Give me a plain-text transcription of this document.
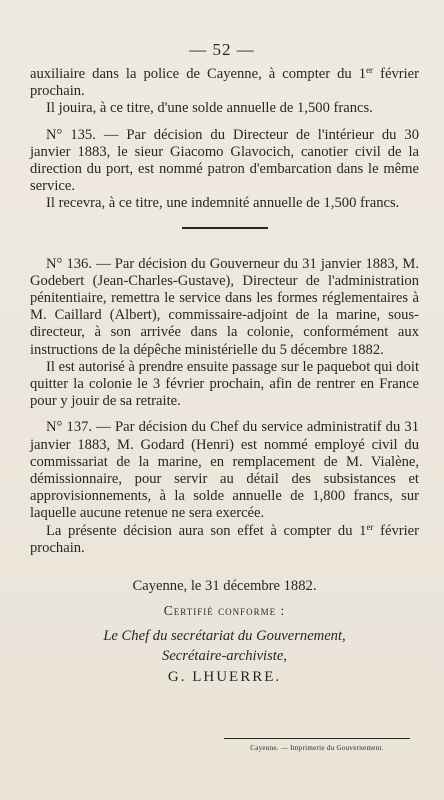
— 52 —

auxiliaire dans la police de Cayenne, à compter du 1er février prochain.

Il jouira, à ce titre, d'une solde annuelle de 1,500 francs.

N° 135. — Par décision du Directeur de l'intérieur du 30 janvier 1883, le sieur Giacomo Glavocich, canotier civil de la direction du port, est nommé patron d'embarcation dans le même service.

Il recevra, à ce titre, une indemnité annuelle de 1,500 francs.

N° 136. — Par décision du Gouverneur du 31 janvier 1883, M. Godebert (Jean-Charles-Gustave), Directeur de l'administration pénitentiaire, remettra le service dans les formes réglementaires à M. Caillard (Albert), commissaire-adjoint de la marine, sous-directeur, à son arrivée dans la colonie, conformément aux instructions de la dépêche ministérielle du 5 décembre 1882.

Il est autorisé à prendre ensuite passage sur le paquebot qui doit quitter la colonie le 3 février prochain, afin de rentrer en France pour y jouir de sa retraite.

N° 137. — Par décision du Chef du service administratif du 31 janvier 1883, M. Godard (Henri) est nommé employé civil du commissariat de la marine, en remplacement de M. Vialène, démissionnaire, pour servir au détail des subsistances et approvisionnements, à la solde annuelle de 1,800 francs, sur laquelle aucune retenue ne sera exercée.

La présente décision aura son effet à compter du 1er février prochain.

Cayenne, le 31 décembre 1882.

Certifié conforme :

Le Chef du secrétariat du Gouvernement,

Secrétaire-archiviste,

G. LHUERRE.

Cayenne. — Imprimerie du Gouvernement.
